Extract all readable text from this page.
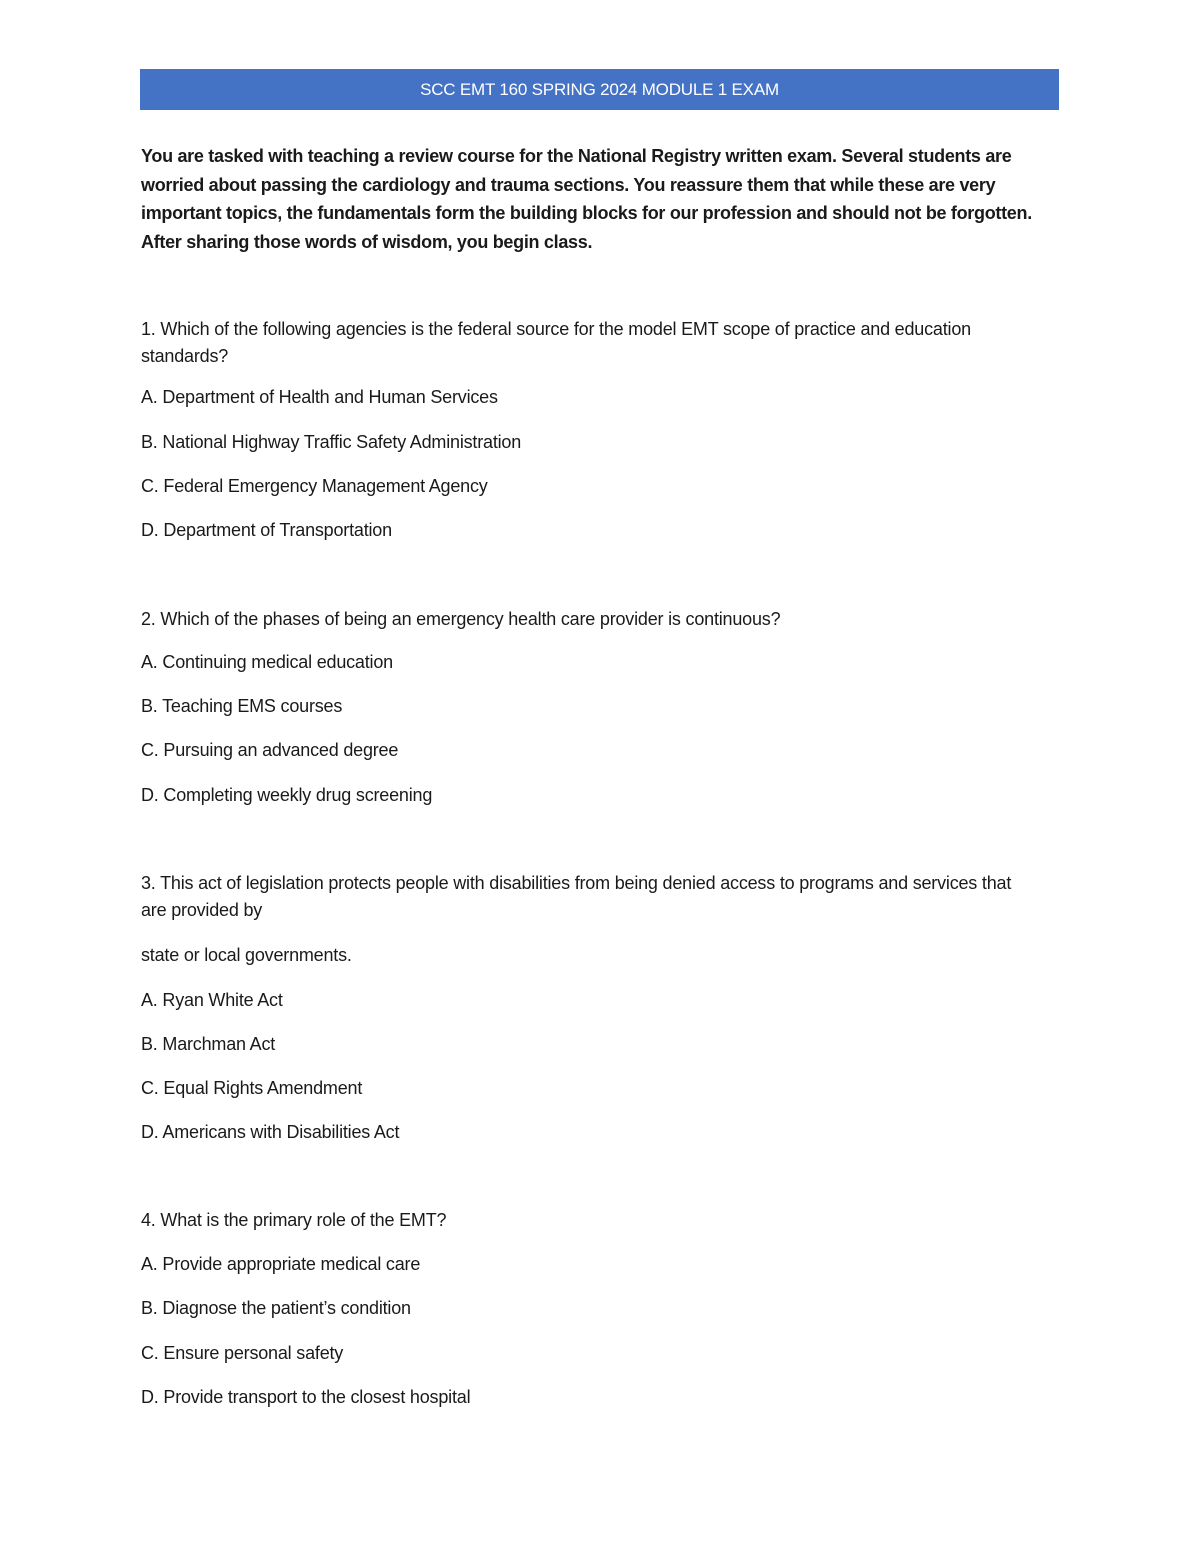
SCC EMT 160 SPRING 2024 MODULE 1 EXAM

You are tasked with teaching a review course for the National Registry written exam. Several students are worried about passing the cardiology and trauma sections. You reassure them that while these are very important topics, the fundamentals form the building blocks for our profession and should not be forgotten. After sharing those words of wisdom, you begin class.

1. Which of the following agencies is the federal source for the model EMT scope of practice and education standards?

A. Department of Health and Human Services

B. National Highway Traffic Safety Administration

C. Federal Emergency Management Agency

D. Department of Transportation

2. Which of the phases of being an emergency health care provider is continuous?

A. Continuing medical education

B. Teaching EMS courses

C. Pursuing an advanced degree

D. Completing weekly drug screening

3. This act of legislation protects people with disabilities from being denied access to programs and services that are provided by

state or local governments.

A. Ryan White Act

B. Marchman Act

C. Equal Rights Amendment

D. Americans with Disabilities Act

4. What is the primary role of the EMT?

A. Provide appropriate medical care

B. Diagnose the patient’s condition

C. Ensure personal safety

D. Provide transport to the closest hospital
